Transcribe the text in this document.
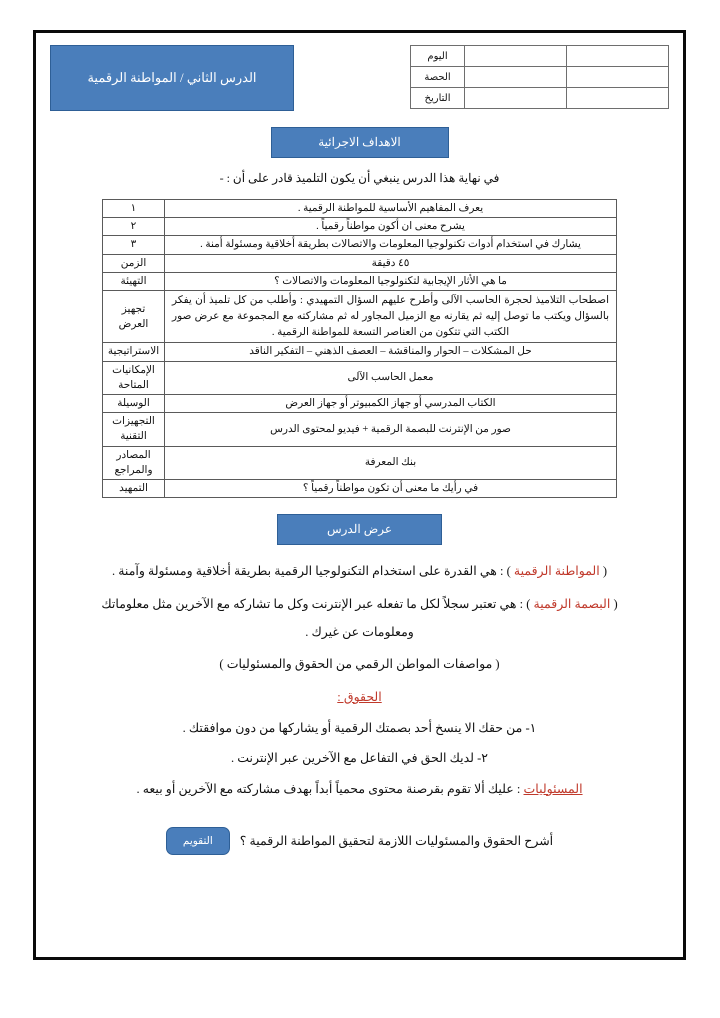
الدرس الثاني / المواطنة الرقمية
		اليوم
		الحصة
		التاريخ
الاهداف الاجرائية
في نهاية هذا الدرس ينبغي أن يكون التلميذ قادر على أن : -
يعرف المفاهيم الأساسية للمواطنة الرقمية .	١
يشرح معنى ان أكون مواطناً رقمياً .	٢
يشارك في استخدام أدوات تكنولوجيا المعلومات والاتصالات بطريقة أخلاقية ومسئولة أمنة .	٣
٤٥ دقيقة	الزمن
ما هي الأثار الإيجابية لتكنولوجيا المعلومات والاتصالات ؟	التهيئة
اصطحاب التلاميذ لحجرة الحاسب الآلى وأطرح عليهم السؤال التمهيدي : وأطلب من كل تلميذ أن يفكر بالسؤال ويكتب ما توصل إليه ثم يقارنه مع الزميل المجاور له ثم مشاركته مع المجموعة مع عرض صور الكتب التي تتكون من العناصر التسعة للمواطنة الرقمية .	تجهيز العرض
حل المشكلات – الحوار والمناقشة – العصف الذهني – التفكير الناقد	الاستراتيجية
معمل الحاسب الآلى	الإمكانيات المتاحة
الكتاب المدرسي أو جهاز الكمبيوتر أو جهاز العرض	الوسيلة
صور من الإنترنت للبصمة الرقمية + فيديو لمحتوى الدرس	التجهيزات التقنية
بنك المعرفة	المصادر والمراجع
في رأيك ما معنى أن تكون مواطناً رقمياً ؟	التمهيد
عرض الدرس

( المواطنة الرقمية ) : هي القدرة على استخدام التكنولوجيا الرقمية بطريقة أخلاقية ومسئولة وآمنة .

( البصمة الرقمية ) : هي تعتبر سجلاً لكل ما تفعله عبر الإنترنت وكل ما تشاركه مع الآخرين مثل معلوماتك

ومعلومات عن غيرك .

( مواصفات المواطن الرقمي من الحقوق والمسئوليات )

الحقوق :

١- من حقك الا ينسخ أحد بصمتك الرقمية أو يشاركها من دون موافقتك .

٢- لديك الحق في التفاعل مع الآخرين عبر الإنترنت .

المسئوليات : عليك ألا تقوم بقرصنة محتوى محمياً أبداً بهدف مشاركته مع الآخرين أو بيعه .

التقويم	أشرح الحقوق والمسئوليات اللازمة لتحقيق المواطنة الرقمية ؟
